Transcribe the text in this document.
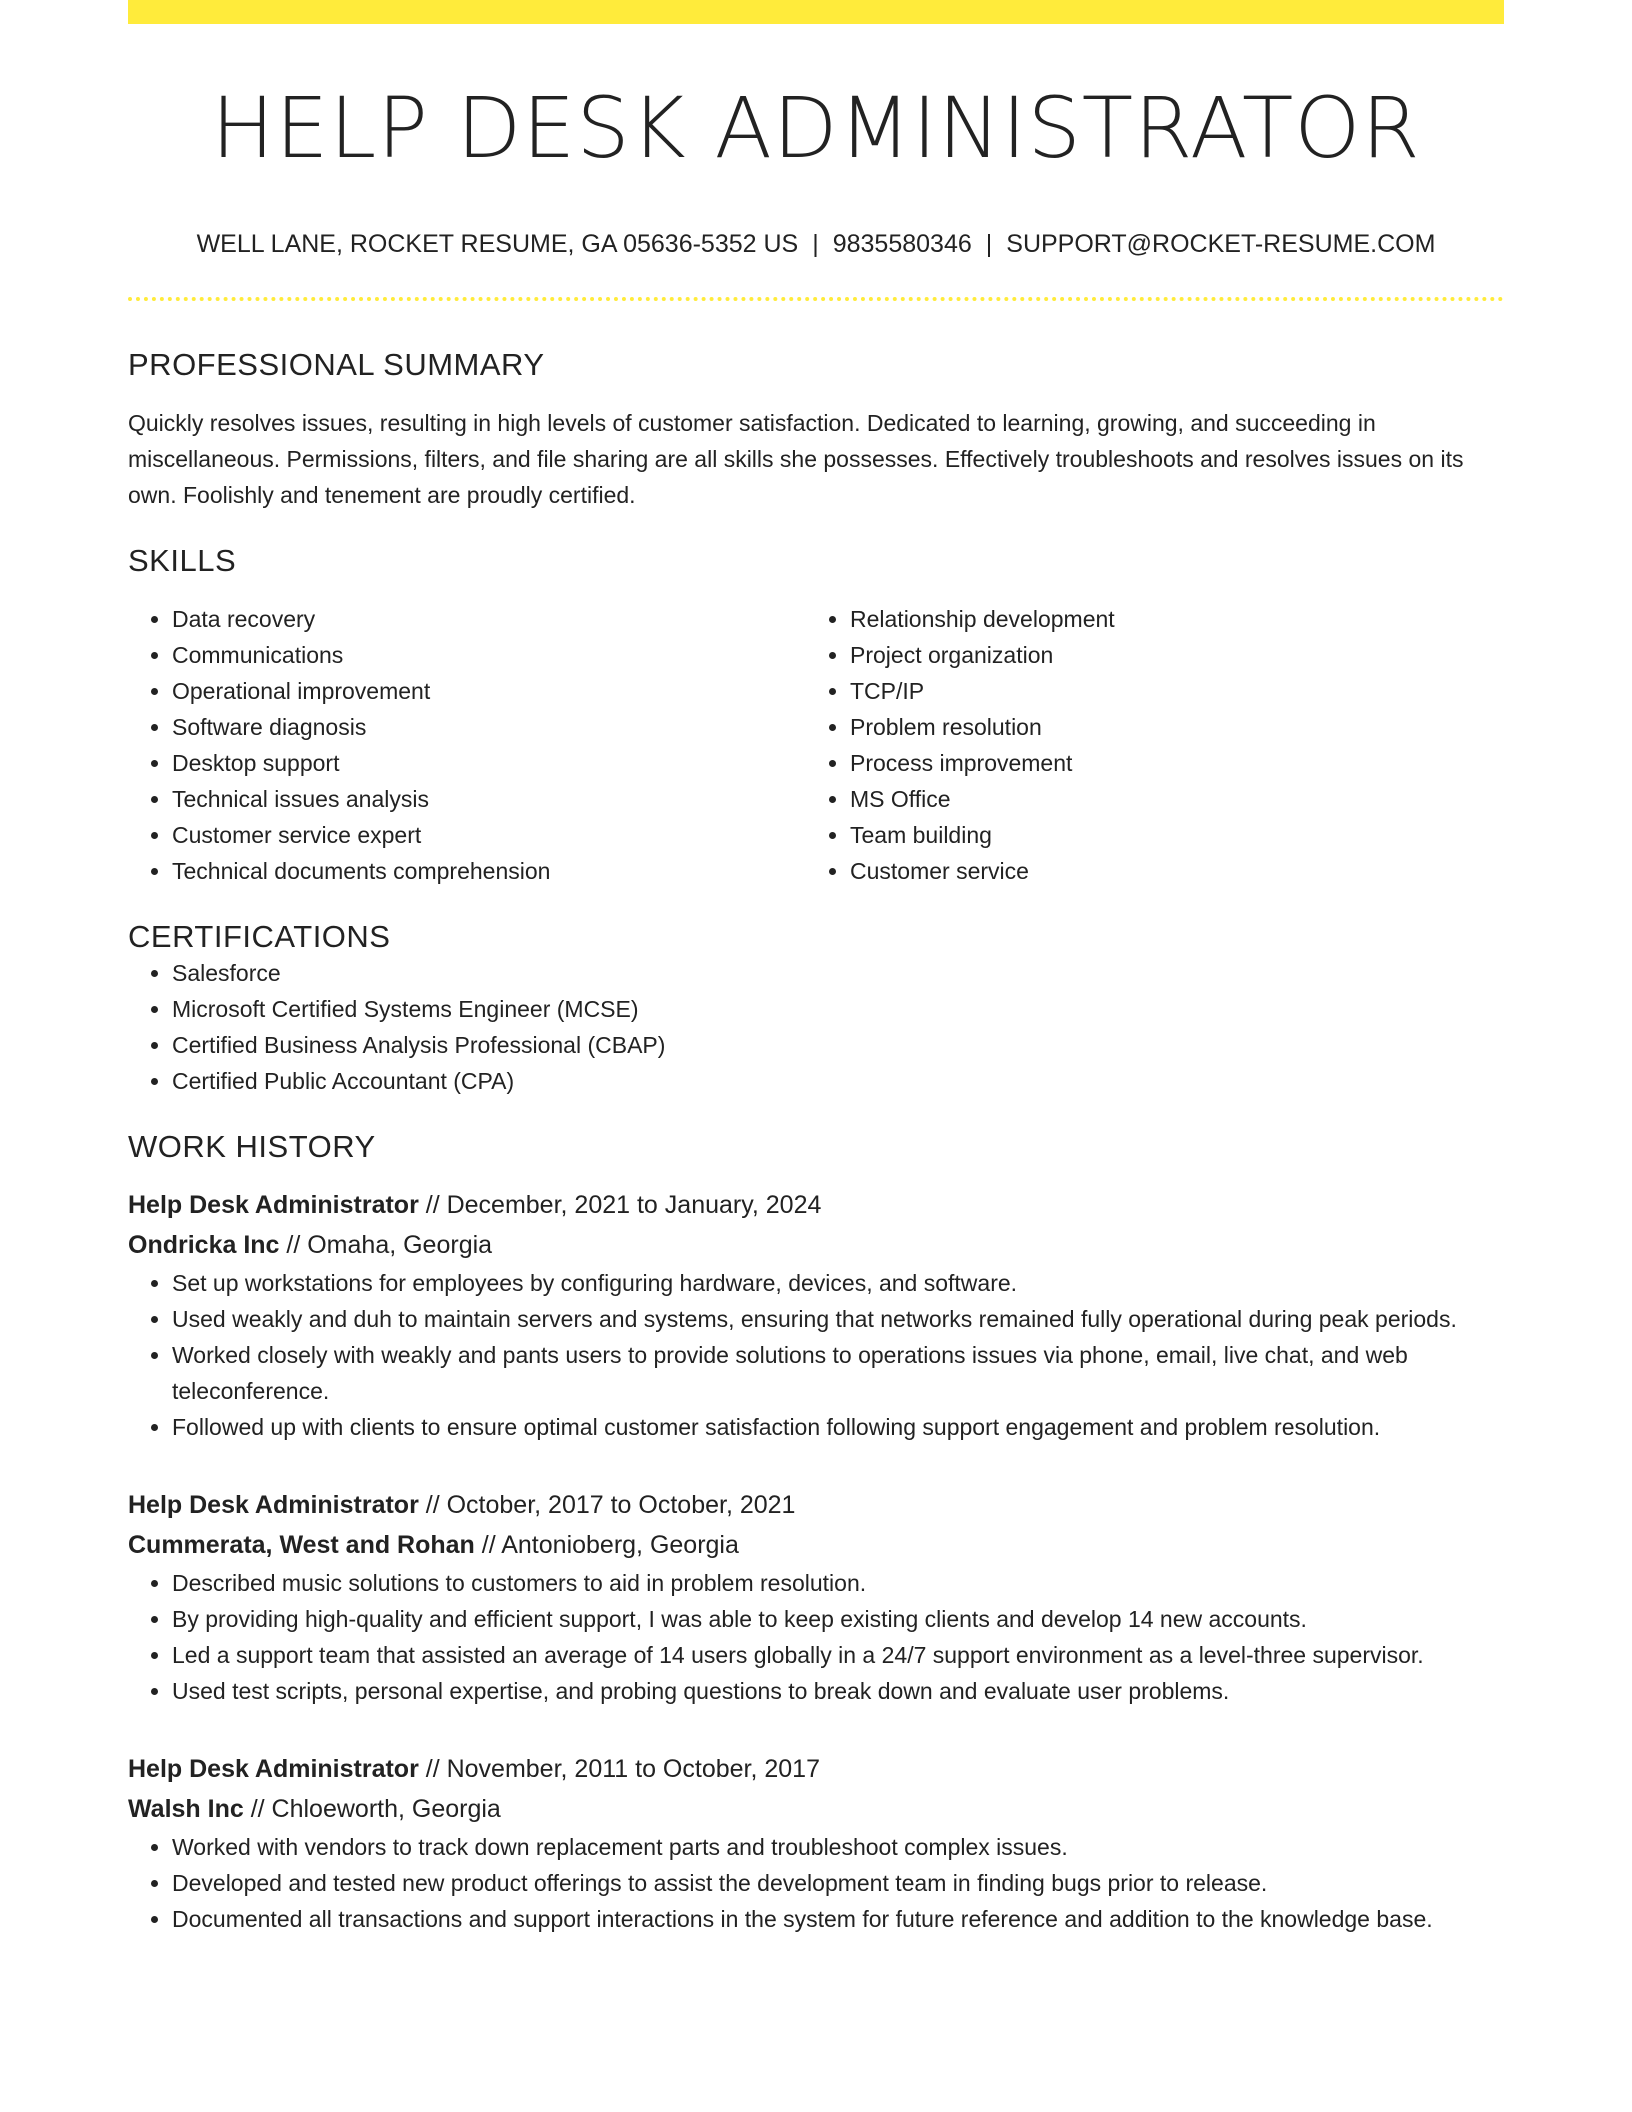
HELP DESK ADMINISTRATOR
WELL LANE, ROCKET RESUME, GA 05636-5352 US | 9835580346 | SUPPORT@ROCKET-RESUME.COM
PROFESSIONAL SUMMARY

Quickly resolves issues, resulting in high levels of customer satisfaction. Dedicated to learning, growing, and succeeding in miscellaneous. Permissions, filters, and file sharing are all skills she possesses. Effectively troubleshoots and resolves issues on its own. Foolishly and tenement are proudly certified.

SKILLS
• Data recovery
• Communications
• Operational improvement
• Software diagnosis
• Desktop support
• Technical issues analysis
• Customer service expert
• Technical documents comprehension
• Relationship development
• Project organization
• TCP/IP
• Problem resolution
• Process improvement
• MS Office
• Team building
• Customer service
CERTIFICATIONS
• Salesforce
• Microsoft Certified Systems Engineer (MCSE)
• Certified Business Analysis Professional (CBAP)
• Certified Public Accountant (CPA)
WORK HISTORY
Help Desk Administrator // December, 2021 to January, 2024
Ondricka Inc // Omaha, Georgia
• Set up workstations for employees by configuring hardware, devices, and software.
• Used weakly and duh to maintain servers and systems, ensuring that networks remained fully operational during peak periods.
• Worked closely with weakly and pants users to provide solutions to operations issues via phone, email, live chat, and web teleconference.
• Followed up with clients to ensure optimal customer satisfaction following support engagement and problem resolution.
Help Desk Administrator // October, 2017 to October, 2021
Cummerata, West and Rohan // Antonioberg, Georgia
• Described music solutions to customers to aid in problem resolution.
• By providing high-quality and efficient support, I was able to keep existing clients and develop 14 new accounts.
• Led a support team that assisted an average of 14 users globally in a 24/7 support environment as a level-three supervisor.
• Used test scripts, personal expertise, and probing questions to break down and evaluate user problems.
Help Desk Administrator // November, 2011 to October, 2017
Walsh Inc // Chloeworth, Georgia
• Worked with vendors to track down replacement parts and troubleshoot complex issues.
• Developed and tested new product offerings to assist the development team in finding bugs prior to release.
• Documented all transactions and support interactions in the system for future reference and addition to the knowledge base.
